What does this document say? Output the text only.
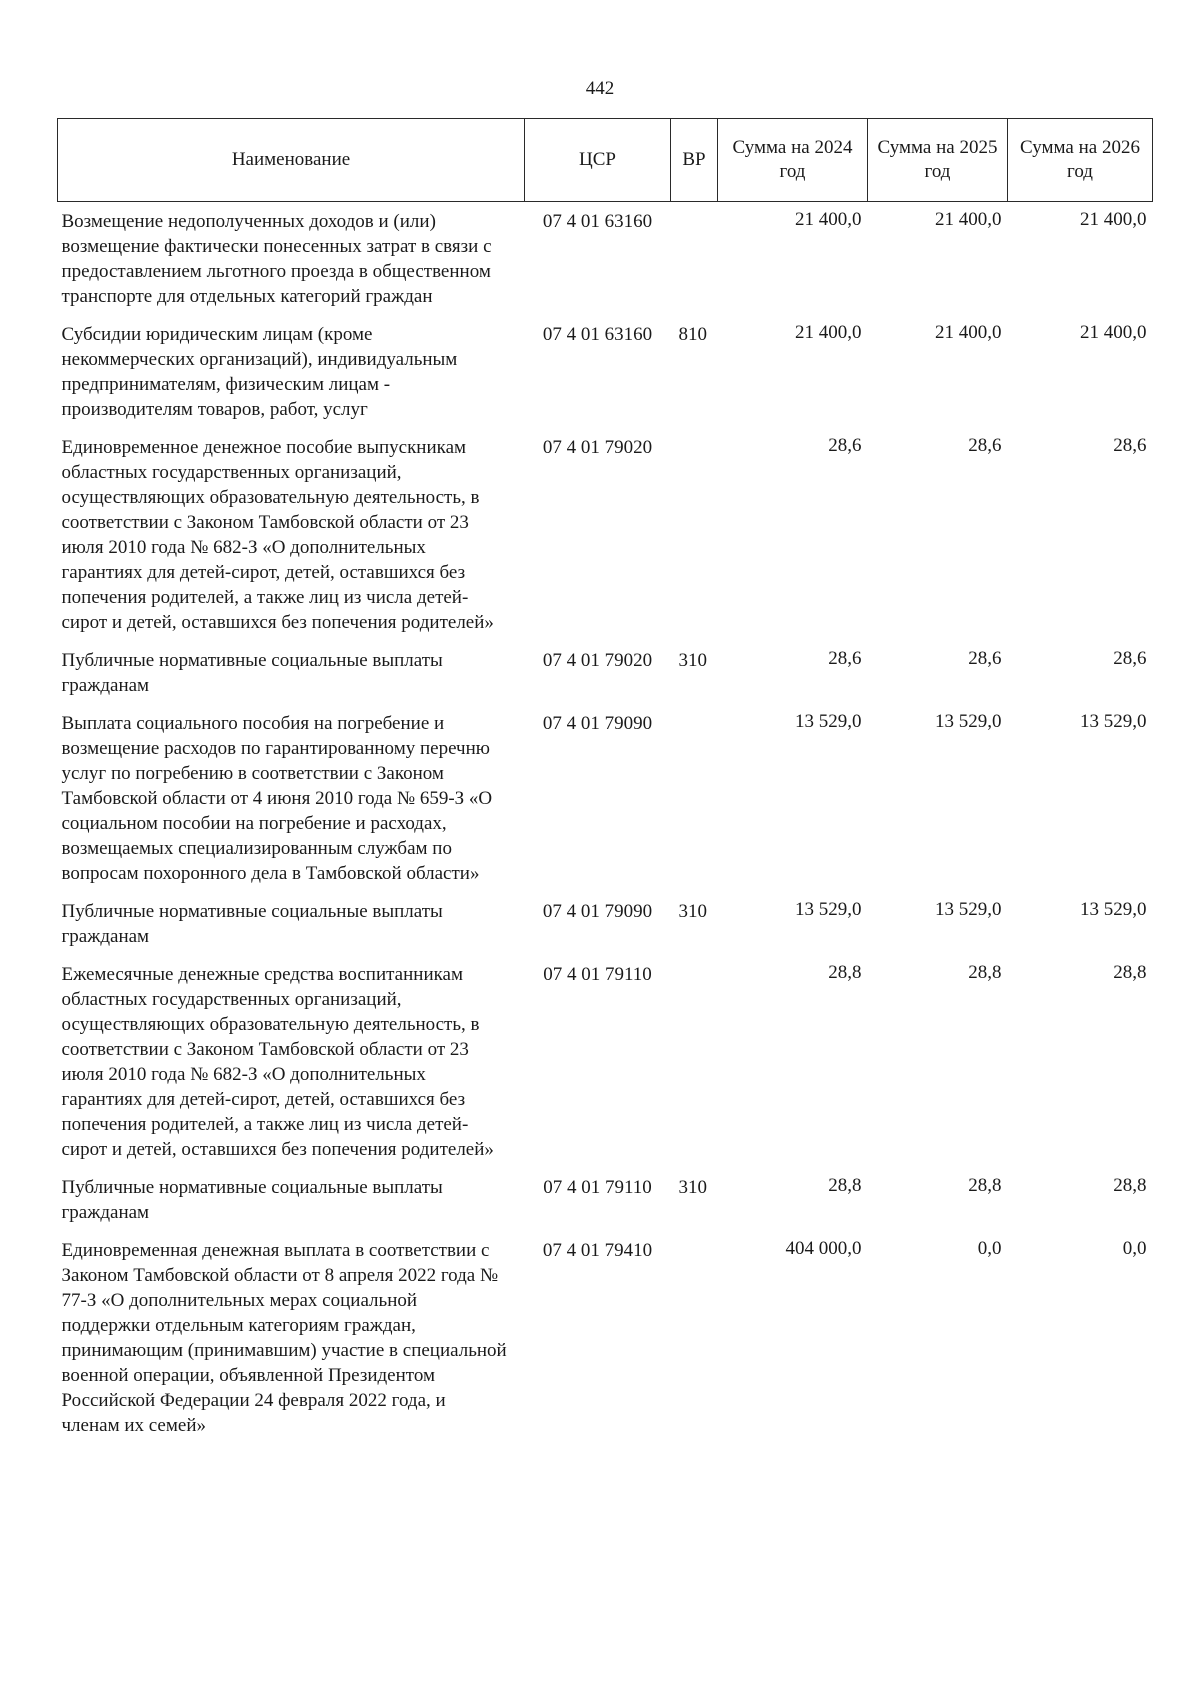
442
Наименование	ЦСР	ВР	Сумма на 2024 год	Сумма на 2025 год	Сумма на 2026 год
Возмещение недополученных доходов и (или) возмещение фактически понесенных затрат в связи с предоставлением льготного проезда в общественном транспорте для отдельных категорий граждан	07 4 01 63160		21 400,0	21 400,0	21 400,0
Субсидии юридическим лицам (кроме некоммерческих организаций), индивидуальным предпринимателям, физическим лицам - производителям товаров, работ, услуг	07 4 01 63160	810	21 400,0	21 400,0	21 400,0
Единовременное денежное пособие выпускникам областных государственных организаций, осуществляющих образовательную деятельность, в соответствии с Законом Тамбовской области от 23 июля 2010 года № 682-З «О дополнительных гарантиях для детей-сирот, детей, оставшихся без попечения родителей, а также лиц из числа детей-сирот и детей, оставшихся без попечения родителей»	07 4 01 79020		28,6	28,6	28,6
Публичные нормативные социальные выплаты гражданам	07 4 01 79020	310	28,6	28,6	28,6
Выплата социального пособия на погребение и возмещение расходов по гарантированному перечню услуг по погребению в соответствии с Законом Тамбовской области от 4 июня 2010 года № 659-З «О социальном пособии на погребение и расходах, возмещаемых специализированным службам по вопросам похоронного дела в Тамбовской области»	07 4 01 79090		13 529,0	13 529,0	13 529,0
Публичные нормативные социальные выплаты гражданам	07 4 01 79090	310	13 529,0	13 529,0	13 529,0
Ежемесячные денежные средства воспитанникам областных государственных организаций, осуществляющих образовательную деятельность, в соответствии с Законом Тамбовской области от 23 июля 2010 года № 682-З «О дополнительных гарантиях для детей-сирот, детей, оставшихся без попечения родителей, а также лиц из числа детей-сирот и детей, оставшихся без попечения родителей»	07 4 01 79110		28,8	28,8	28,8
Публичные нормативные социальные выплаты гражданам	07 4 01 79110	310	28,8	28,8	28,8
Единовременная денежная выплата в соответствии с Законом Тамбовской области от 8 апреля 2022 года № 77-З «О дополнительных мерах социальной поддержки отдельным категориям граждан, принимающим (принимавшим) участие в специальной военной операции, объявленной Президентом Российской Федерации 24 февраля 2022 года, и членам их семей»	07 4 01 79410		404 000,0	0,0	0,0
